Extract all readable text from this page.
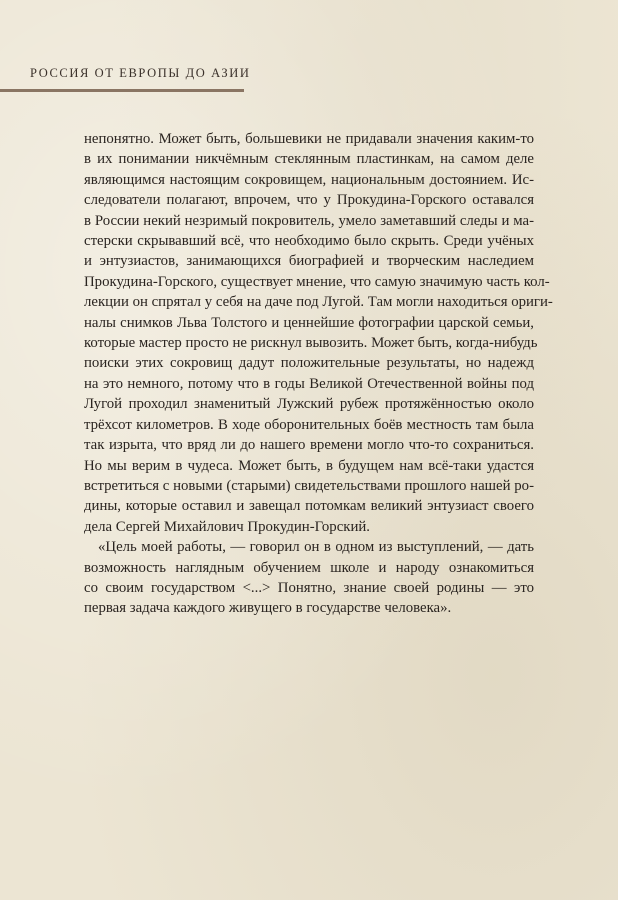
РОССИЯ ОТ ЕВРОПЫ ДО АЗИИ

непонятно. Может быть, большевики не придавали значения каким-то
в их понимании никчёмным стеклянным пластинкам, на самом деле
являющимся настоящим сокровищем, национальным достоянием. Ис-
следователи полагают, впрочем, что у Прокудина-Горского оставался
в России некий незримый покровитель, умело заметавший следы и ма-
стерски скрывавший всё, что необходимо было скрыть. Среди учёных
и энтузиастов, занимающихся биографией и творческим наследием
Прокудина-Горского, существует мнение, что самую значимую часть кол-
лекции он спрятал у себя на даче под Лугой. Там могли находиться ориги-
налы снимков Льва Толстого и ценнейшие фотографии царской семьи,
которые мастер просто не рискнул вывозить. Может быть, когда-нибудь
поиски этих сокровищ дадут положительные результаты, но надежд
на это немного, потому что в годы Великой Отечественной войны под
Лугой проходил знаменитый Лужский рубеж протяжённостью около
трёхсот километров. В ходе оборонительных боёв местность там была
так изрыта, что вряд ли до нашего времени могло что-то сохраниться.
Но мы верим в чудеса. Может быть, в будущем нам всё-таки удастся
встретиться с новыми (старыми) свидетельствами прошлого нашей ро-
дины, которые оставил и завещал потомкам великий энтузиаст своего
дела Сергей Михайлович Прокудин-Горский.

«Цель моей работы, — говорил он в одном из выступлений, — дать
возможность наглядным обучением школе и народу ознакомиться
со своим государством <...> Понятно, знание своей родины — это
первая задача каждого живущего в государстве человека».
